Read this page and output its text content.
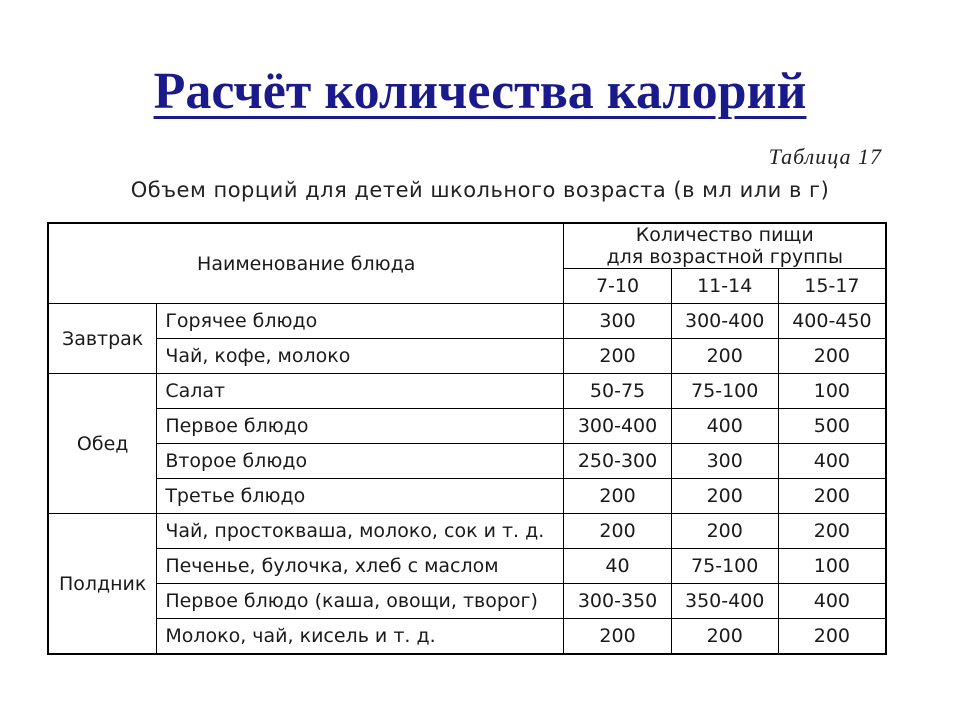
Расчёт количества калорий
Таблица 17
Объем порций для детей школьного возраста (в мл или в г)
Наименование блюда		Количество пищи
для возрастной группы		
		7-10	11-14	15-17
Завтрак	Горячее блюдо	300	300-400	400-450
	Чай, кофе, молоко	200	200	200
Обед	Салат	50-75	75-100	100
	Первое блюдо	300-400	400	500
	Второе блюдо	250-300	300	400
	Третье блюдо	200	200	200
Полдник	Чай, простокваша, молоко, сок и т. д.	200	200	200
	Печенье, булочка, хлеб с маслом	40	75-100	100
	Первое блюдо (каша, овощи, творог)	300-350	350-400	400
	Молоко, чай, кисель и т. д.	200	200	200
